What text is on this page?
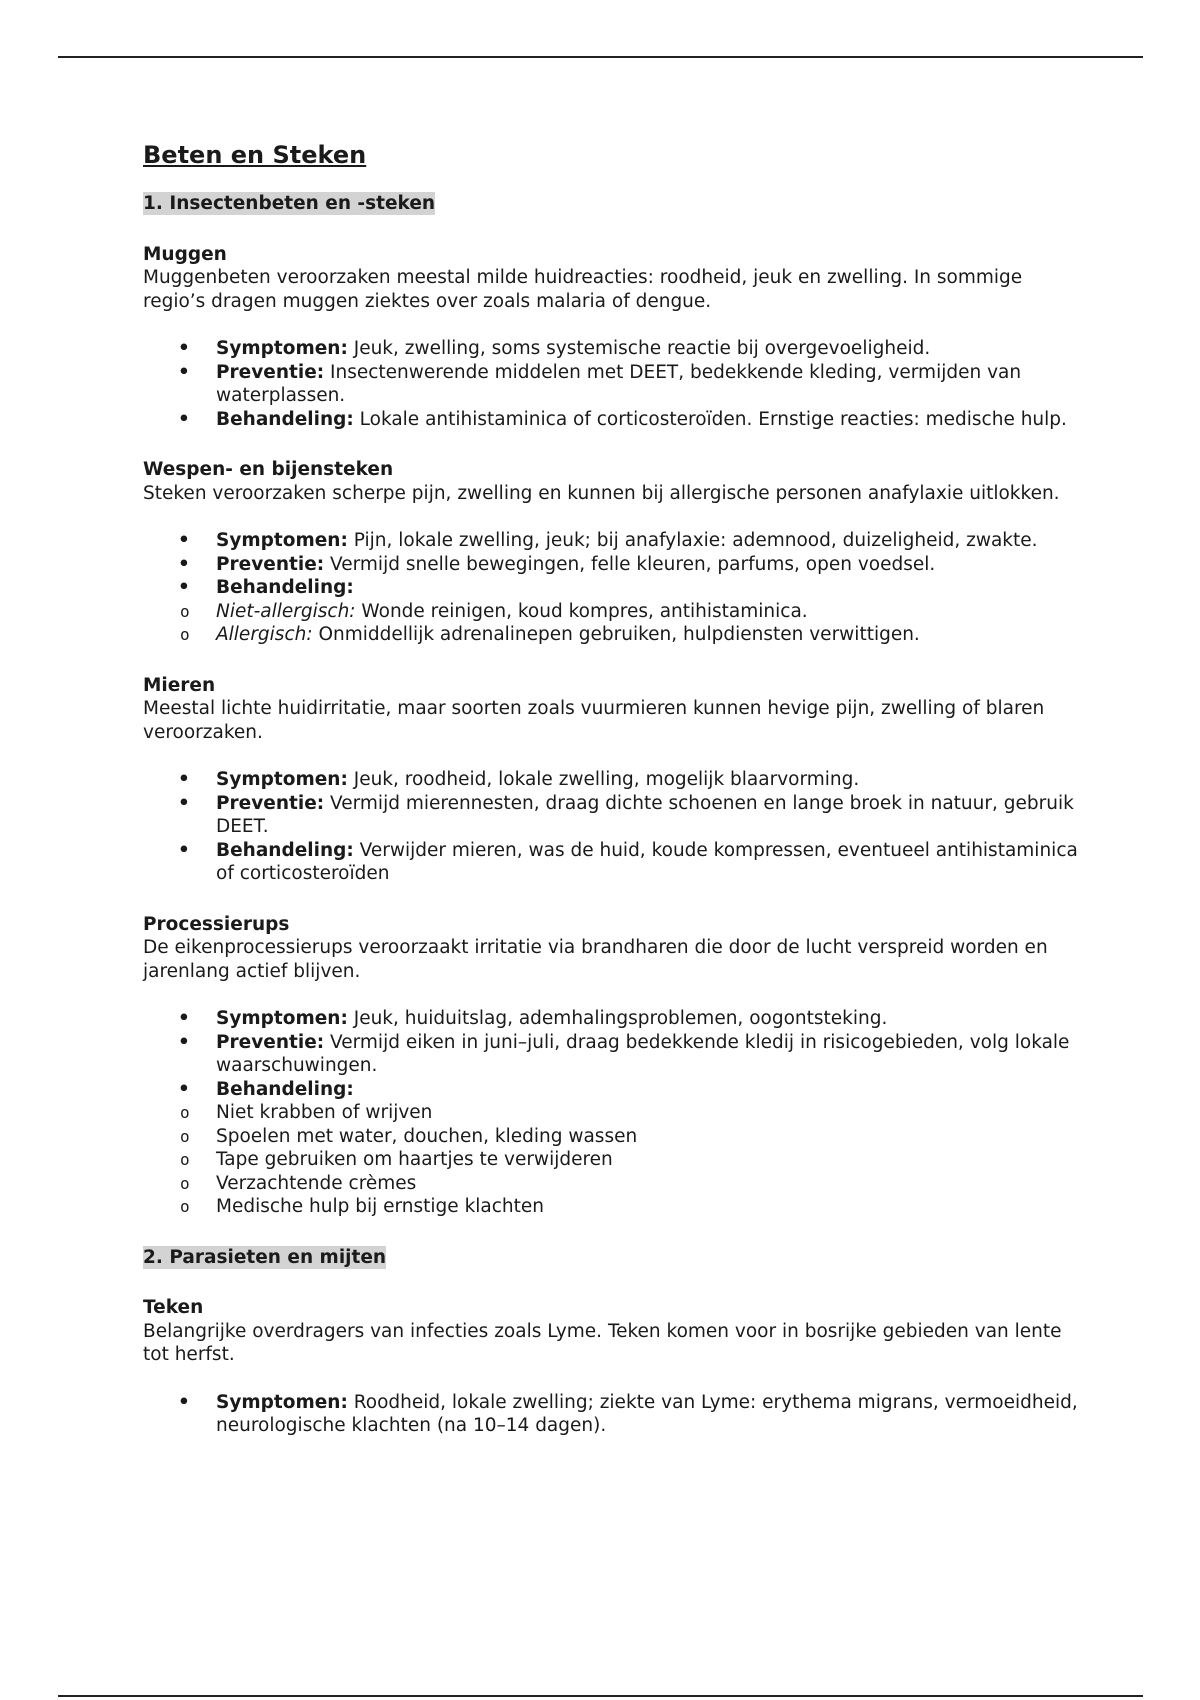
Beten en Steken
1. Insectenbeten en -steken
Muggen

Muggenbeten veroorzaken meestal milde huidreacties: roodheid, jeuk en zwelling. In sommige regio’s dragen muggen ziektes over zoals malaria of dengue.

• Symptomen: Jeuk, zwelling, soms systemische reactie bij overgevoeligheid.
• Preventie: Insectenwerende middelen met DEET, bedekkende kleding, vermijden van waterplassen.
• Behandeling: Lokale antihistaminica of corticosteroïden. Ernstige reacties: medische hulp.
Wespen- en bijensteken

Steken veroorzaken scherpe pijn, zwelling en kunnen bij allergische personen anafylaxie uitlokken.

• Symptomen: Pijn, lokale zwelling, jeuk; bij anafylaxie: ademnood, duizeligheid, zwakte.
• Preventie: Vermijd snelle bewegingen, felle kleuren, parfums, open voedsel.
• Behandeling:
o Niet-allergisch: Wonde reinigen, koud kompres, antihistaminica.
o Allergisch: Onmiddellijk adrenalinepen gebruiken, hulpdiensten verwittigen.
Mieren

Meestal lichte huidirritatie, maar soorten zoals vuurmieren kunnen hevige pijn, zwelling of blaren veroorzaken.

• Symptomen: Jeuk, roodheid, lokale zwelling, mogelijk blaarvorming.
• Preventie: Vermijd mierennesten, draag dichte schoenen en lange broek in natuur, gebruik DEET.
• Behandeling: Verwijder mieren, was de huid, koude kompressen, eventueel antihistaminica of corticosteroïden
Processierups

De eikenprocessierups veroorzaakt irritatie via brandharen die door de lucht verspreid worden en jarenlang actief blijven.

• Symptomen: Jeuk, huiduitslag, ademhalingsproblemen, oogontsteking.
• Preventie: Vermijd eiken in juni–juli, draag bedekkende kledij in risicogebieden, volg lokale waarschuwingen.
• Behandeling:
o Niet krabben of wrijven
o Spoelen met water, douchen, kleding wassen
o Tape gebruiken om haartjes te verwijderen
o Verzachtende crèmes
o Medische hulp bij ernstige klachten
2. Parasieten en mijten
Teken

Belangrijke overdragers van infecties zoals Lyme. Teken komen voor in bosrijke gebieden van lente tot herfst.

• Symptomen: Roodheid, lokale zwelling; ziekte van Lyme: erythema migrans, vermoeidheid, neurologische klachten (na 10–14 dagen).
